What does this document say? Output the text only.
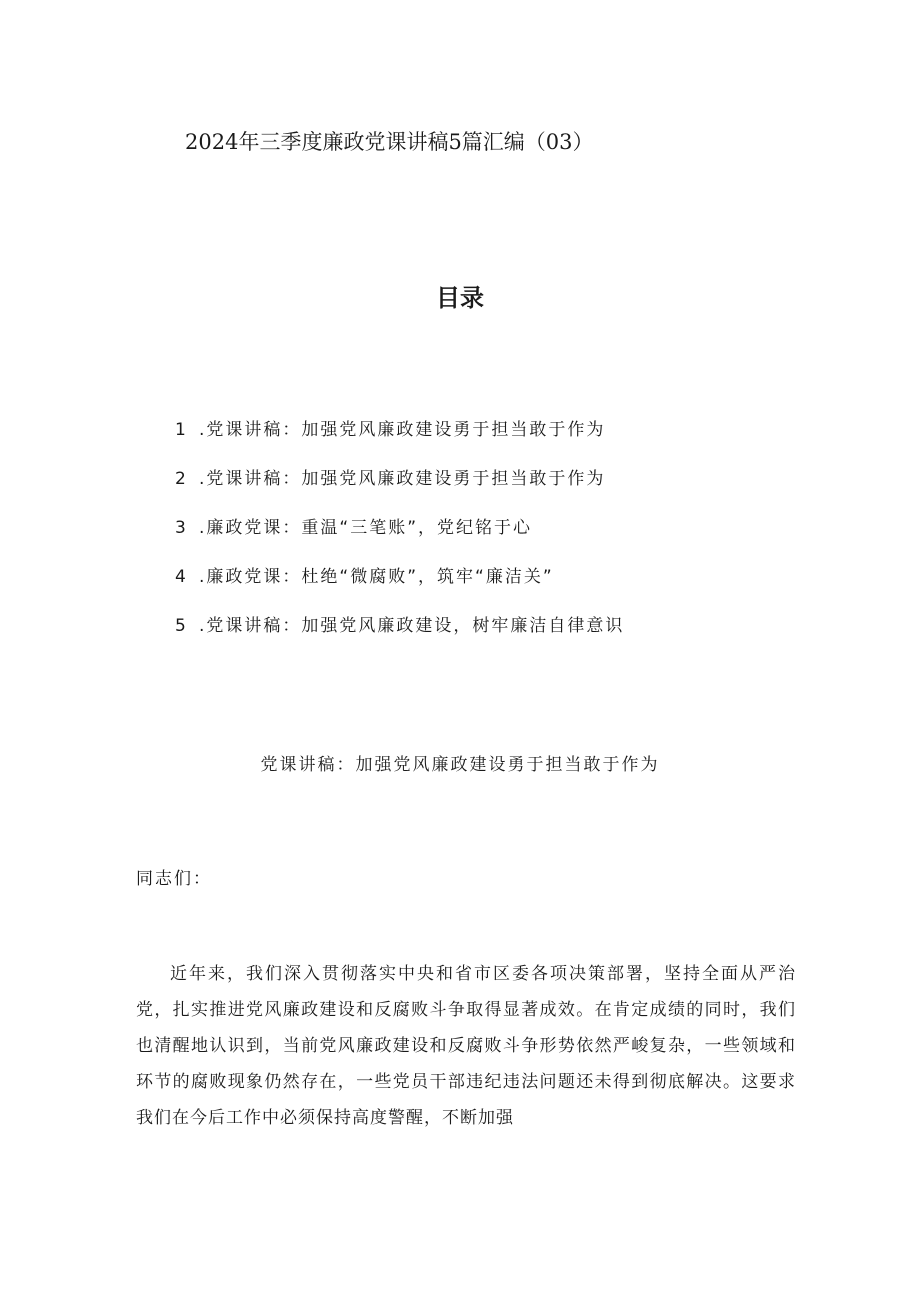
2024年三季度廉政党课讲稿5篇汇编（03）
目录
1 .党课讲稿：加强党风廉政建设勇于担当敢于作为
2 .党课讲稿：加强党风廉政建设勇于担当敢于作为
3 .廉政党课：重温“三笔账”，党纪铭于心
4 .廉政党课：杜绝“微腐败”，筑牢“廉洁关”
5 .党课讲稿：加强党风廉政建设，树牢廉洁自律意识
党课讲稿：加强党风廉政建设勇于担当敢于作为
同志们：

近年来，我们深入贯彻落实中央和省市区委各项决策部署，坚持全面从严治党，扎实推进党风廉政建设和反腐败斗争取得显著成效。在肯定成绩的同时，我们也清醒地认识到，当前党风廉政建设和反腐败斗争形势依然严峻复杂，一些领域和环节的腐败现象仍然存在，一些党员干部违纪违法问题还未得到彻底解决。这要求我们在今后工作中必须保持高度警醒，不断加强
